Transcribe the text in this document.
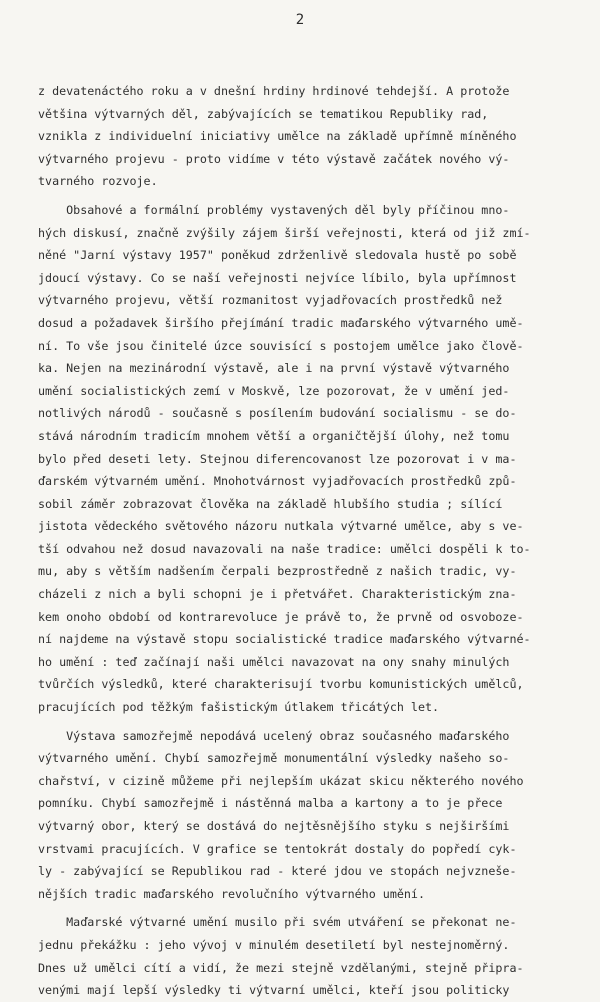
2
z devatenáctého roku a v dnešní hrdiny hrdinové tehdejší. A protože
většina výtvarných děl, zabývajících se tematikou Republiky rad,
vznikla z individuelní iniciativy umělce na základě upřímně míněného
výtvarného projevu - proto vidíme v této výstavě začátek nového vý-
tvarného rozvoje.
Obsahové a formální problémy vystavených děl byly příčinou mno-
hých diskusí, značně zvýšily zájem širší veřejnosti, která od již zmí-
něné "Jarní výstavy 1957" poněkud zdrženlivě sledovala hustě po sobě
jdoucí výstavy. Co se naší veřejnosti nejvíce líbilo, byla upřímnost
výtvarného projevu, větší rozmanitost vyjadřovacích prostředků než
dosud a požadavek širšího přejímání tradic maďarského výtvarného umě-
ní. To vše jsou činitelé úzce souvisící s postojem umělce jako člově-
ka. Nejen na mezinárodní výstavě, ale i na první výstavě výtvarného
umění socialistických zemí v Moskvě, lze pozorovat, že v umění jed-
notlivých národů - současně s posílením budování socialismu - se do-
stává národním tradicím mnohem větší a organičtější úlohy, než tomu
bylo před deseti lety. Stejnou diferencovanost lze pozorovat i v ma-
ďarském výtvarném umění. Mnohotvárnost vyjadřovacích prostředků způ-
sobil záměr zobrazovat člověka na základě hlubšího studia ; sílící
jistota vědeckého světového názoru nutkala výtvarné umělce, aby s ve-
tší odvahou než dosud navazovali na naše tradice: umělci dospěli k to-
mu, aby s větším nadšením čerpali bezprostředně z našich tradic, vy-
cházeli z nich a byli schopni je i přetvářet. Charakteristickým zna-
kem onoho období od kontrarevoluce je právě to, že prvně od osvoboze-
ní najdeme na výstavě stopu socialistické tradice maďarského výtvarné-
ho umění : teď začínají naši umělci navazovat na ony snahy minulých
tvůrčích výsledků, které charakterisují tvorbu komunistických umělců,
pracujících pod těžkým fašistickým útlakem třicátých let.
Výstava samozřejmě nepodává ucelený obraz současného maďarského
výtvarného umění. Chybí samozřejmě monumentální výsledky našeho so-
chařství, v cizině můžeme při nejlepším ukázat skicu některého nového
pomníku. Chybí samozřejmě i nástěnná malba a kartony a to je přece
výtvarný obor, který se dostává do nejtěsnějšího styku s nejširšími
vrstvami pracujících. V grafice se tentokrát dostaly do popředí cyk-
ly - zabývající se Republikou rad - které jdou ve stopách nejvzneše-
nějších tradic maďarského revolučního výtvarného umění.
Maďarské výtvarné umění musilo při svém utváření se překonat ne-
jednu překážku : jeho vývoj v minulém desetiletí byl nestejnoměrný.
Dnes už umělci cítí a vidí, že mezi stejně vzdělanými, stejně připra-
venými mají lepší výsledky ti výtvarní umělci, kteří jsou politicky
